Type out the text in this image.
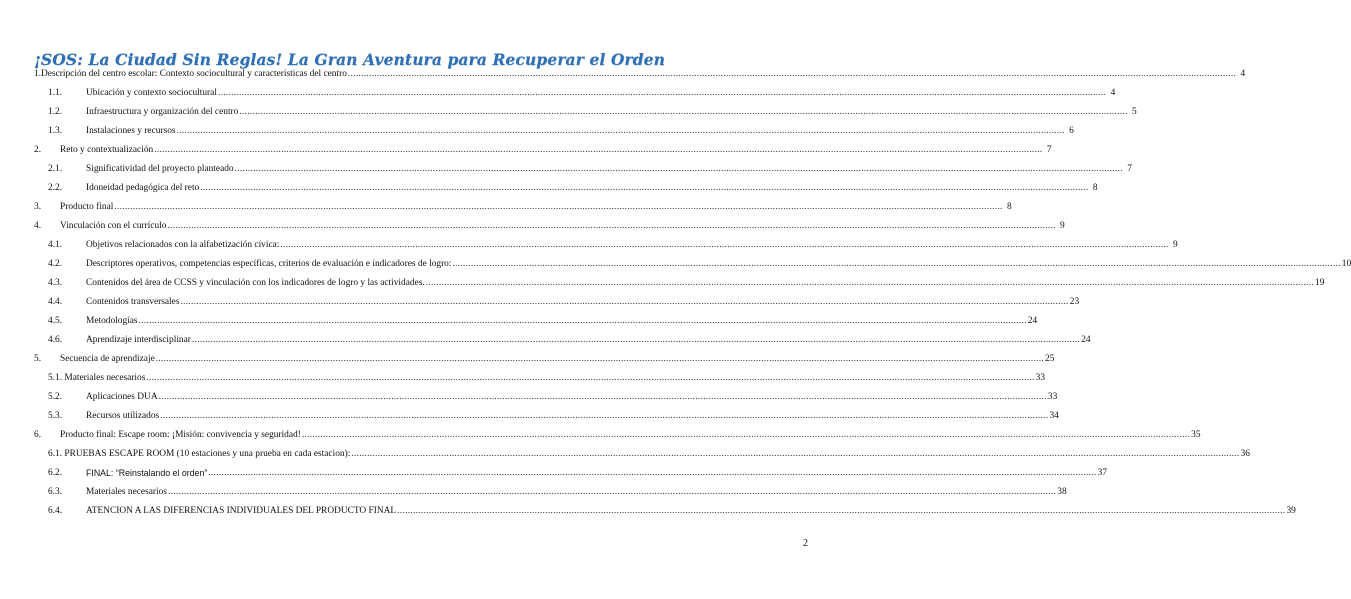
¡SOS: La Ciudad Sin Reglas! La Gran Aventura para Recuperar el Orden
1.Descripción del centro escolar: Contexto sociocultural y características del centro .....	4
1.1.	Ubicación y contexto sociocultural .....	4
1.2.	Infraestructura y organización del centro .....	5
1.3.	Instalaciones y recursos .....	6
2.	Reto y contextualización .....	7
2.1.	Significatividad del proyecto planteado .....	7
2.2.	Idoneidad pedagógica del reto .....	8
3.	Producto final .....	8
4.	Vinculación con el currículo .....	9
4.1.	Objetivos relacionados con la alfabetización cívica: .....	9
4.2.	Descriptores operativos, competencias específicas, criterios de evaluación e indicadores de logro: .....	10
4.3.	Contenidos del área de CCSS y vinculación con los indicadores de logro y las actividades. .....	19
4.4.	Contenidos transversales .....	23
4.5.	Metodologías .....	24
4.6.	Aprendizaje interdisciplinar .....	24
5.	Secuencia de aprendizaje .....	25
5.1. Materiales necesarios .....	33
5.2.	Aplicaciones DUA .....	33
5.3.	Recursos utilizados .....	34
6.	Producto final: Escape room: ¡Misión: convivencia y seguridad! .....	35
6.1. PRUEBAS ESCAPE ROOM (10 estaciones y una prueba en cada estacion): .....	36
6.2.	FINAL: “Reinstalando el orden” .....	37
6.3.	Materiales necesarios .....	38
6.4.	ATENCION A LAS DIFERENCIAS INDIVIDUALES DEL PRODUCTO FINAL .....	39
2
